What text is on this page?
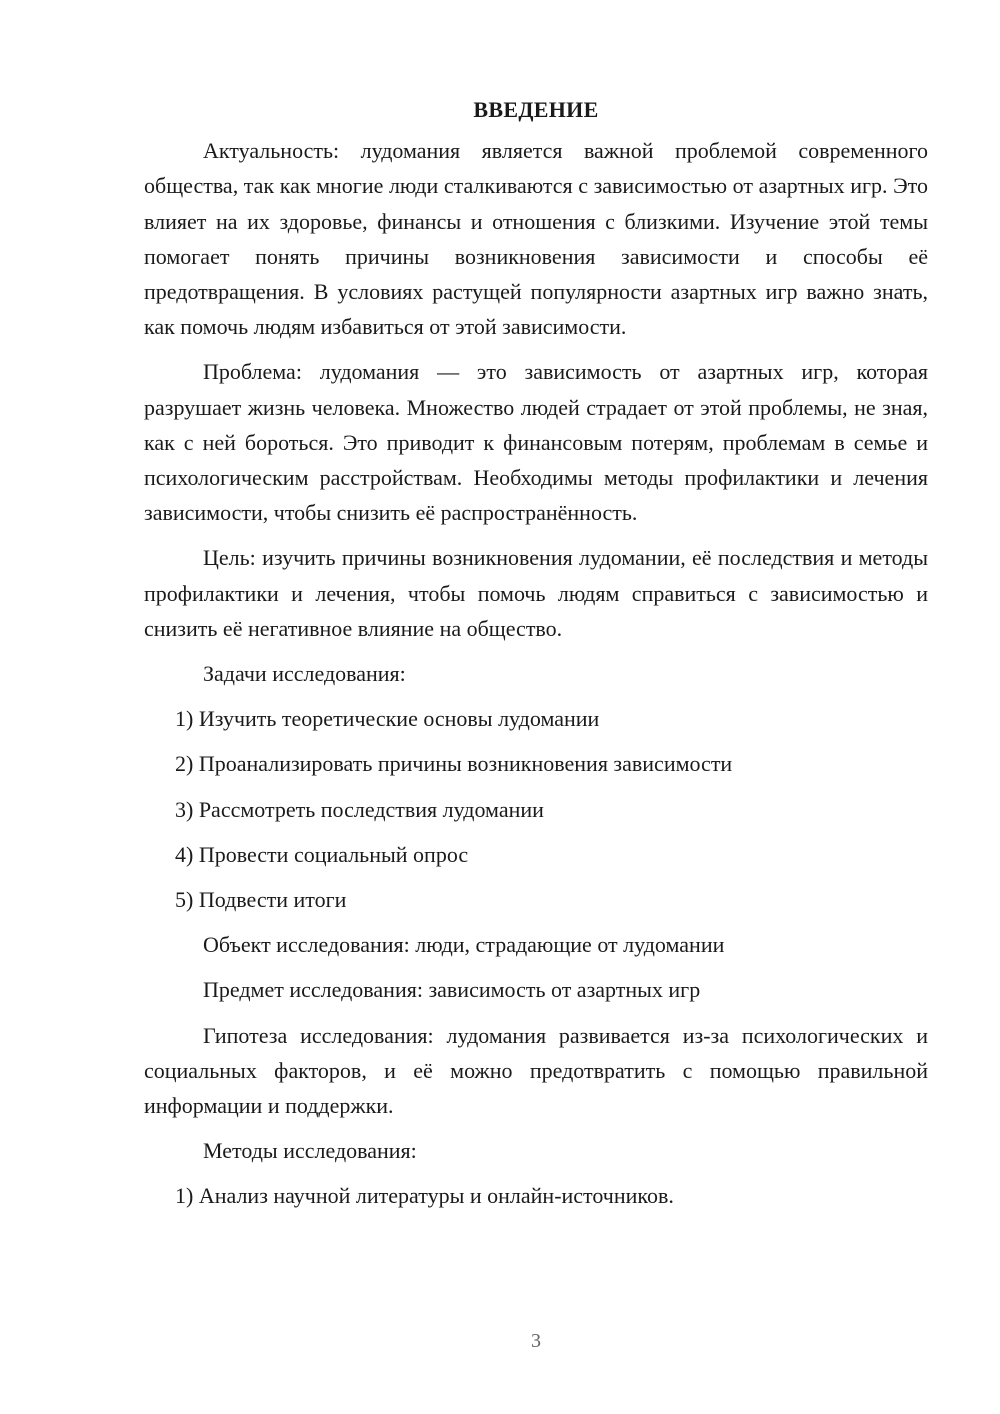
ВВЕДЕНИЕ

Актуальность: лудомания является важной проблемой современного общества, так как многие люди сталкиваются с зависимостью от азартных игр. Это влияет на их здоровье, финансы и отношения с близкими. Изучение этой темы помогает понять причины возникновения зависимости и способы её предотвращения. В условиях растущей популярности азартных игр важно знать, как помочь людям избавиться от этой зависимости.

Проблема: лудомания — это зависимость от азартных игр, которая разрушает жизнь человека. Множество людей страдает от этой проблемы, не зная, как с ней бороться. Это приводит к финансовым потерям, проблемам в семье и психологическим расстройствам. Необходимы методы профилактики и лечения зависимости, чтобы снизить её распространённость.

Цель: изучить причины возникновения лудомании, её последствия и методы профилактики и лечения, чтобы помочь людям справиться с зависимостью и снизить её негативное влияние на общество.

Задачи исследования:
1) Изучить теоретические основы лудомании
2) Проанализировать причины возникновения зависимости
3) Рассмотреть последствия лудомании
4) Провести социальный опрос
5) Подвести итоги
Объект исследования: люди, страдающие от лудомании
Предмет исследования: зависимость от азартных игр

Гипотеза исследования: лудомания развивается из-за психологических и социальных факторов, и её можно предотвратить с помощью правильной информации и поддержки.

Методы исследования:
1) Анализ научной литературы и онлайн-источников.
3
